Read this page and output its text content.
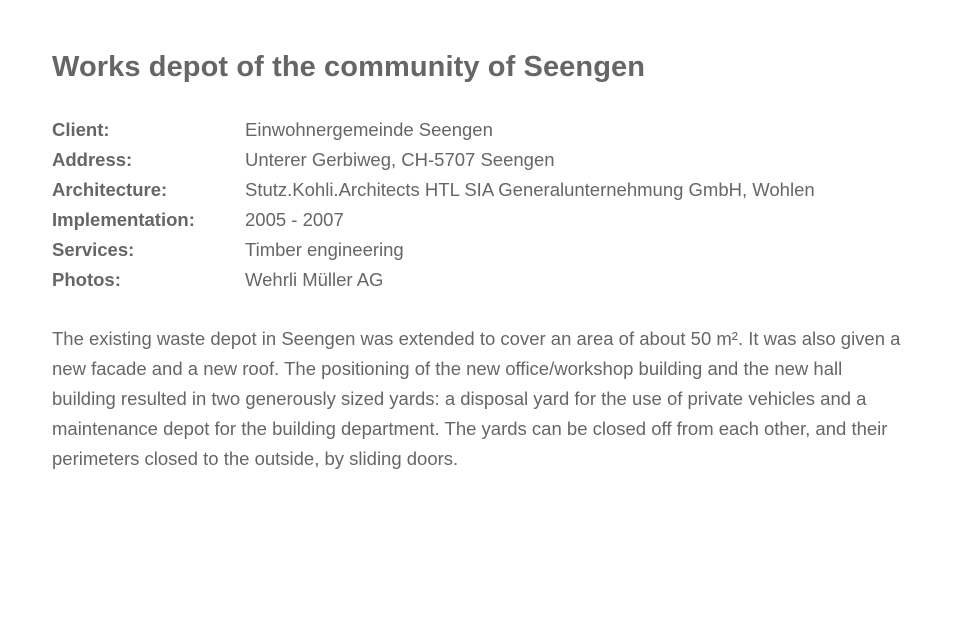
Works depot of the community of Seengen
Client:	Einwohnergemeinde Seengen
Address:	Unterer Gerbiweg, CH-5707 Seengen
Architecture:	Stutz.Kohli.Architects HTL SIA Generalunternehmung GmbH, Wohlen
Implementation:	2005 - 2007
Services:	Timber engineering
Photos:	Wehrli Müller AG

The existing waste depot in Seengen was extended to cover an area of about 50 m². It was also given a new facade and a new roof. The positioning of the new office/workshop building and the new hall building resulted in two generously sized yards: a disposal yard for the use of private vehicles and a maintenance depot for the building department. The yards can be closed off from each other, and their perimeters closed to the outside, by sliding doors.
